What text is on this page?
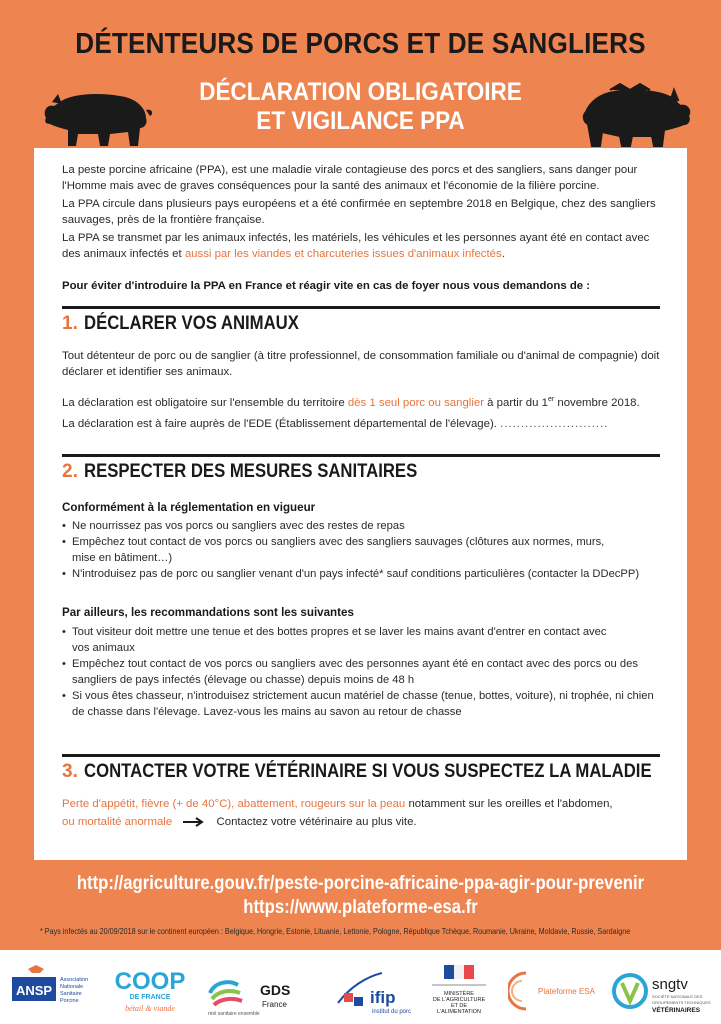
DÉTENTEURS DE PORCS ET DE SANGLIERS
DÉCLARATION OBLIGATOIRE
ET VIGILANCE PPA
La peste porcine africaine (PPA), est une maladie virale contagieuse des porcs et des sangliers, sans danger pour l'Homme mais avec de graves conséquences pour la santé des animaux et l'économie de la filière porcine.
La PPA circule dans plusieurs pays européens et a été confirmée en septembre 2018 en Belgique, chez des sangliers sauvages, près de la frontière française.
La PPA se transmet par les animaux infectés, les matériels, les véhicules et les personnes ayant été en contact avec des animaux infectés et aussi par les viandes et charcuteries issues d'animaux infectés.
Pour éviter d'introduire la PPA en France et réagir vite en cas de foyer nous vous demandons de :
1. DÉCLARER VOS ANIMAUX
Tout détenteur de porc ou de sanglier (à titre professionnel, de consommation familiale ou d'animal de compagnie) doit déclarer et identifier ses animaux.
La déclaration est obligatoire sur l'ensemble du territoire dès 1 seul porc ou sanglier à partir du 1er novembre 2018.
La déclaration est à faire auprès de l'EDE (Établissement départemental de l'élevage). ..........................
2. RESPECTER DES MESURES SANITAIRES
Conformément à la réglementation en vigueur
• Ne nourrissez pas vos porcs ou sangliers avec des restes de repas
• Empêchez tout contact de vos porcs ou sangliers avec des sangliers sauvages (clôtures aux normes, murs, mise en bâtiment…)
• N'introduisez pas de porc ou sanglier venant d'un pays infecté* sauf conditions particulières (contacter la DDecPP)
Par ailleurs, les recommandations sont les suivantes
• Tout visiteur doit mettre une tenue et des bottes propres et se laver les mains avant d'entrer en contact avec vos animaux
• Empêchez tout contact de vos porcs ou sangliers avec des personnes ayant été en contact avec des porcs ou des sangliers de pays infectés (élevage ou chasse) depuis moins de 48 h
• Si vous êtes chasseur, n'introduisez strictement aucun matériel de chasse (tenue, bottes, voiture), ni trophée, ni chien de chasse dans l'élevage. Lavez-vous les mains au savon au retour de chasse
3. CONTACTER VOTRE VÉTÉRINAIRE SI VOUS SUSPECTEZ LA MALADIE
Perte d'appétit, fièvre (+ de 40°C), abattement, rougeurs sur la peau notamment sur les oreilles et l'abdomen,
ou mortalité anormale	Contactez votre vétérinaire au plus vite.
http://agriculture.gouv.fr/peste-porcine-africaine-ppa-agir-pour-prevenir
https://www.plateforme-esa.fr
* Pays infectés au 20/09/2018 sur le continent européen : Belgique, Hongrie, Estonie, Lituanie, Lettonie, Pologne, République Tchèque, Roumanie, Ukraine, Moldavie, Russie, Sardaigne
ANSP
Association
Nationale
Sanitaire
Porcine
COOP
DE FRANCE
bétail & viande
GDS
France
réel sanitaire ensemble
ifip
institut du porc
MINISTÈRE
DE L'AGRICULTURE
ET DE
L'ALIMENTATION
Plateforme ESA	sngtv
SOCIÉTÉ NATIONALE DES
GROUPEMENTS TECHNIQUES
VÉTÉRINAIRES
